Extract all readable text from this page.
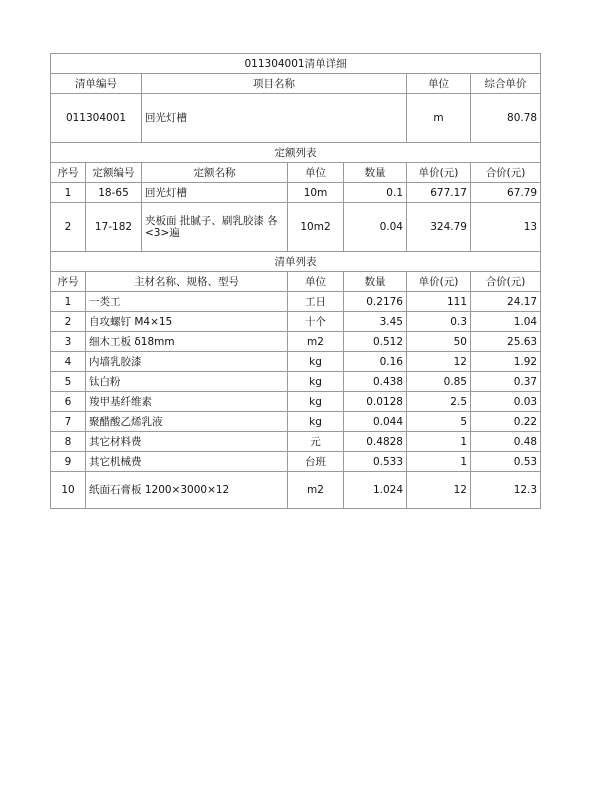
011304001清单详细						
清单编号		项目名称			单位	综合单价
011304001		回光灯槽			m	80.78
定额列表						
序号	定额编号	定额名称	单位	数量	单价(元)	合价(元)
1	18-65	回光灯槽	10m	0.1	677.17	67.79
2	17-182	夹板面 批腻子、刷乳胶漆 各<3>遍	10m2	0.04	324.79	13
清单列表						
序号	主材名称、规格、型号		单位	数量	单价(元)	合价(元)
1	一类工		工日	0.2176	111	24.17
2	自攻螺钉 M4×15		十个	3.45	0.3	1.04
3	细木工板 δ18mm		m2	0.512	50	25.63
4	内墙乳胶漆		kg	0.16	12	1.92
5	钛白粉		kg	0.438	0.85	0.37
6	羧甲基纤维素		kg	0.0128	2.5	0.03
7	聚醋酸乙烯乳液		kg	0.044	5	0.22
8	其它材料费		元	0.4828	1	0.48
9	其它机械费		台班	0.533	1	0.53
10	纸面石膏板 1200×3000×12		m2	1.024	12	12.3
